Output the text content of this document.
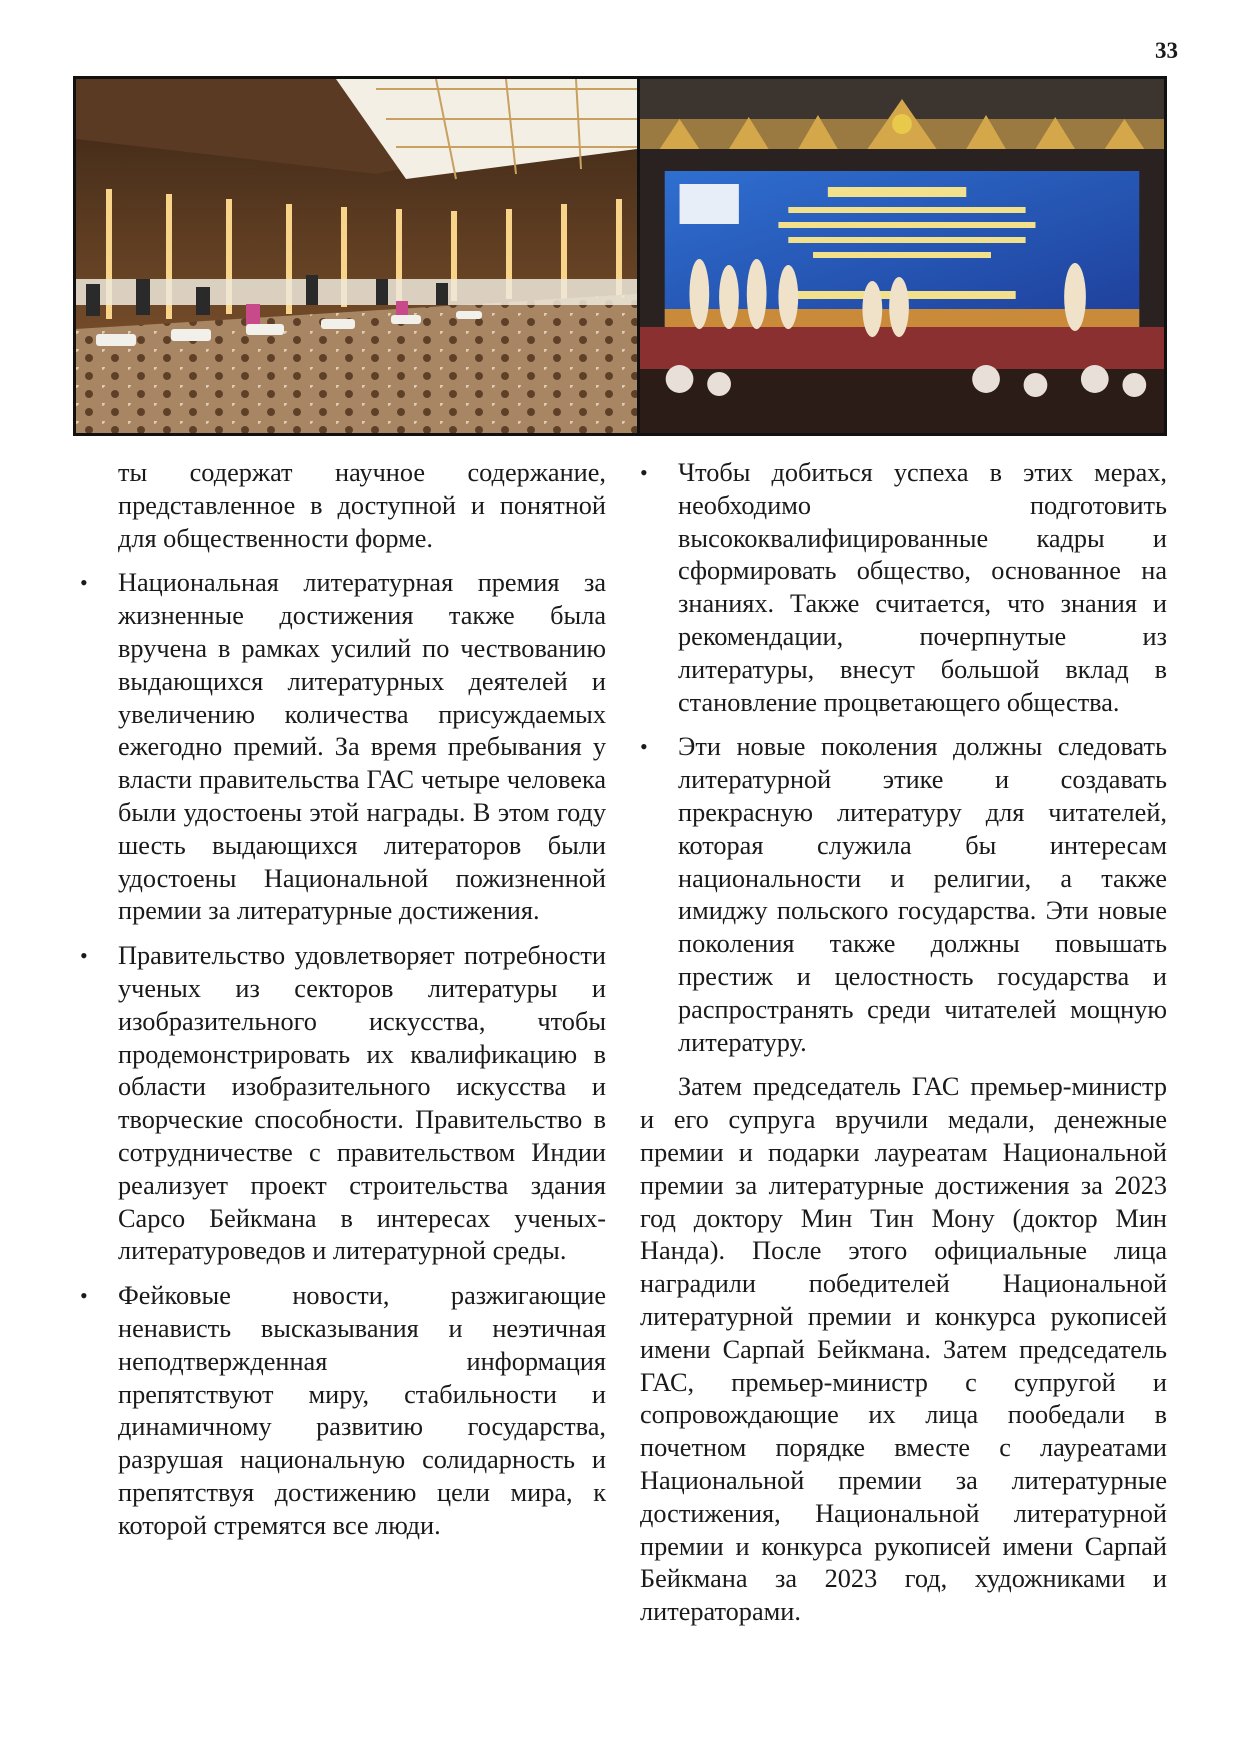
33

ты содержат научное содержание, представленное в доступной и понятной для общественности форме.

•	Национальная литературная премия за жизненные достижения также была вручена в рамках усилий по чествованию выдающихся литературных деятелей и увеличению количества присуждаемых ежегодно премий. За время пребывания у власти правительства ГАС четыре человека были удостоены этой награды. В этом году шесть выдающихся литераторов были удостоены Национальной пожизненной премии за литературные достижения.
•	Правительство удовлетворяет потребности ученых из секторов литературы и изобразительного искусства, чтобы продемонстрировать их квалификацию в области изобразительного искусства и творческие способности. Правительство в сотрудничестве с правительством Индии реализует проект строительства здания Сарсо Бейкмана в интересах ученых-литературоведов и литературной среды.
•	Фейковые новости, разжигающие ненависть высказывания и неэтичная неподтвержденная информация препятствуют миру, стабильности и динамичному развитию государства, разрушая национальную солидарность и препятствуя достижению цели мира, к которой стремятся все люди.
•	Чтобы добиться успеха в этих мерах, необходимо подготовить высококвалифицированные кадры и сформировать общество, основанное на знаниях. Также считается, что знания и рекомендации, почерпнутые из литературы, внесут большой вклад в становление процветающего общества.
•	Эти новые поколения должны следовать литературной этике и создавать прекрасную литературу для читателей, которая служила бы интересам национальности и религии, а также имиджу польского государства. Эти новые поколения также должны повышать престиж и целостность государства и распространять среди читателей мощную литературу.

Затем председатель ГАС премьер-министр и его супруга вручили медали, денежные премии и подарки лауреатам Национальной премии за литературные достижения за 2023 год доктору Мин Тин Мону (доктор Мин Нанда). После этого официальные лица наградили победителей Национальной литературной премии и конкурса рукописей имени Сарпай Бейкмана. Затем председатель ГАС, премьер-министр с супругой и сопровождающие их лица пообедали в почетном порядке вместе с лауреатами Национальной премии за литературные достижения, Национальной литературной премии и конкурса рукописей имени Сарпай Бейкмана за 2023 год, художниками и литераторами.
